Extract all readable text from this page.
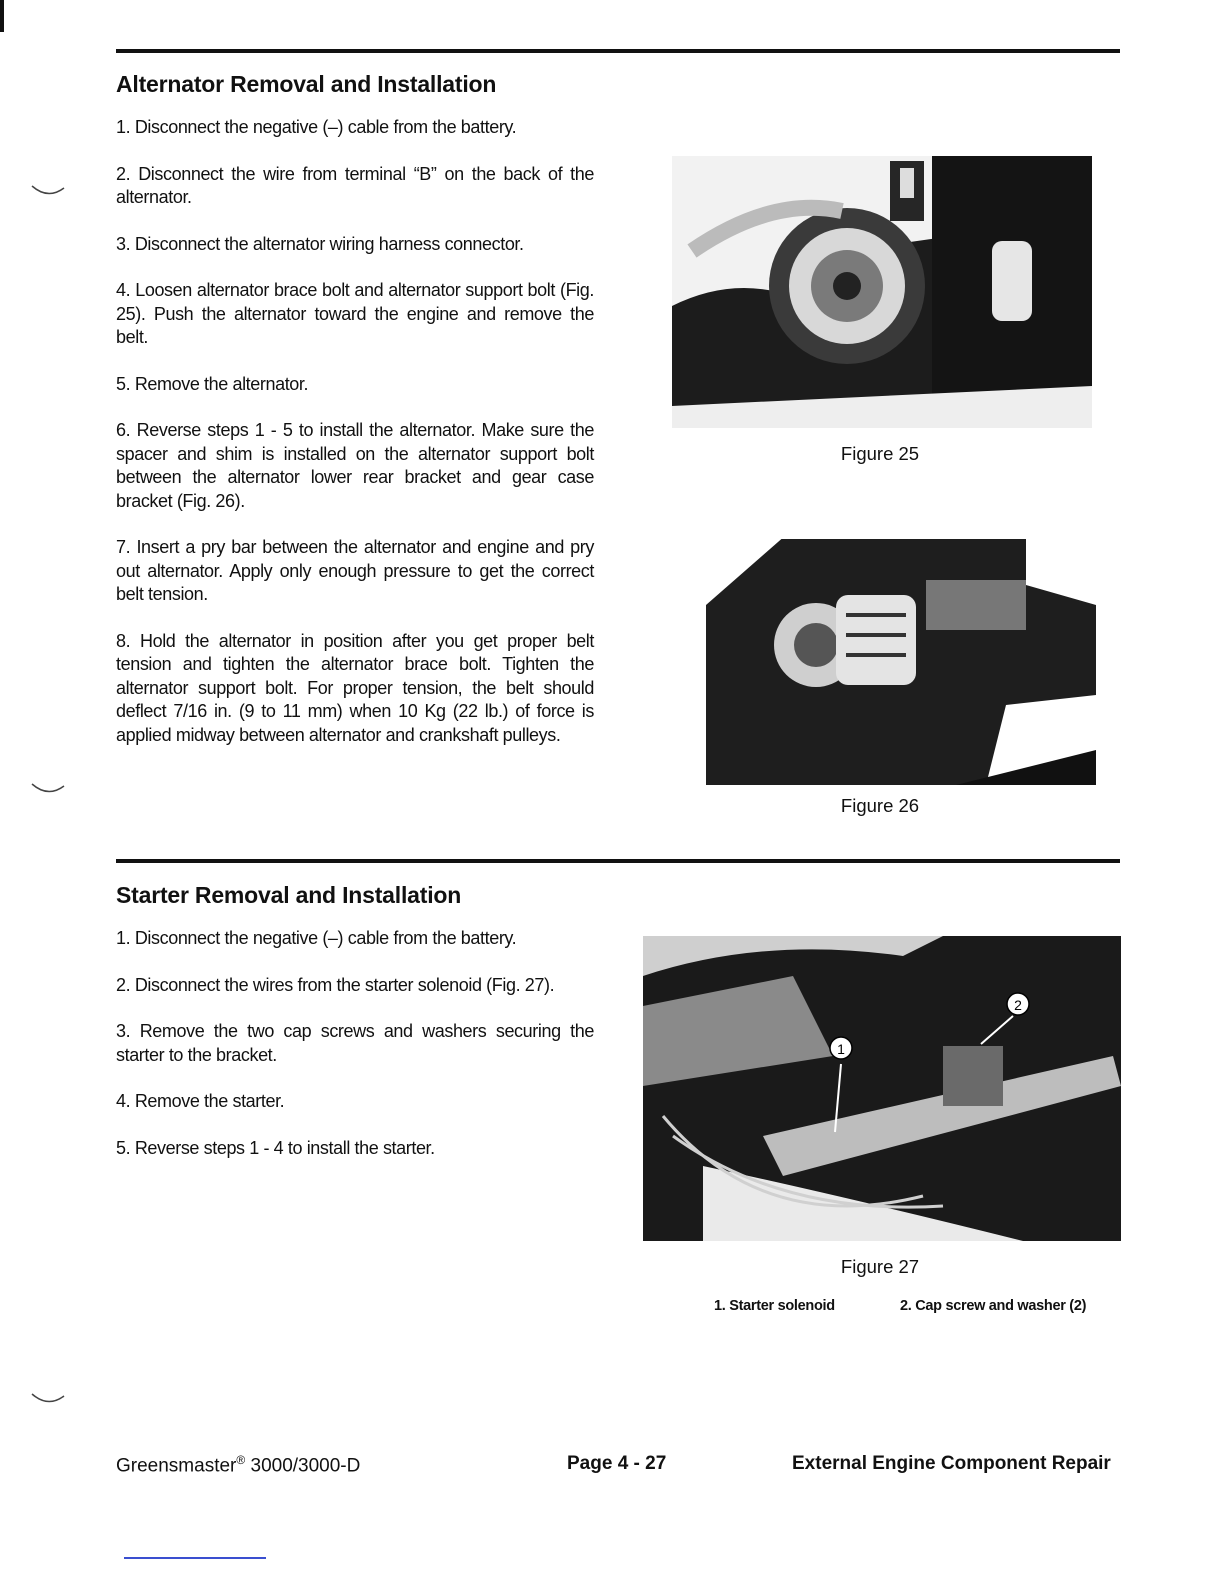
Alternator Removal and Installation

1. Disconnect the negative (–) cable from the battery.

2. Disconnect the wire from terminal “B” on the back of the alternator.

3. Disconnect the alternator wiring harness connector.

4. Loosen alternator brace bolt and alternator support bolt (Fig. 25). Push the alternator toward the engine and remove the belt.

5. Remove the alternator.

6. Reverse steps 1 - 5 to install the alternator. Make sure the spacer and shim is installed on the alternator support bolt between the alternator lower rear bracket and gear case bracket (Fig. 26).

7. Insert a pry bar between the alternator and engine and pry out alternator. Apply only enough pressure to get the correct belt tension.

8. Hold the alternator in position after you get proper belt tension and tighten the alternator brace bolt. Tighten the alternator support bolt. For proper tension, the belt should deflect 7/16 in. (9 to 11 mm) when 10 Kg (22 lb.) of force is applied midway between alternator and crankshaft pulleys.

Figure 25
Figure 26
Starter Removal and Installation

1. Disconnect the negative (–) cable from the battery.

2. Disconnect the wires from the starter solenoid (Fig. 27).

3. Remove the two cap screws and washers securing the starter to the bracket.

4. Remove the starter.

5. Reverse steps 1 - 4 to install the starter.

1
2
Figure 27
1. Starter solenoid	2. Cap screw and washer (2)
Greensmaster® 3000/3000-D	Page 4 - 27	External Engine Component Repair
